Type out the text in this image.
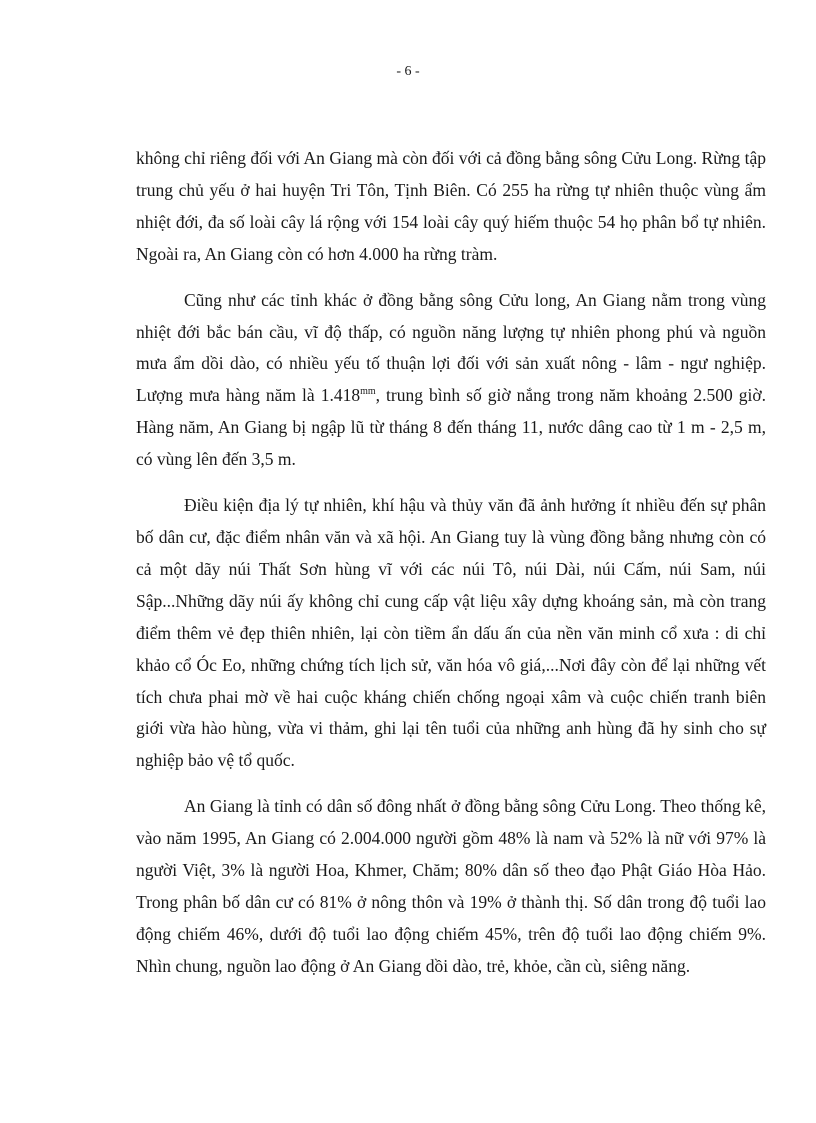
- 6 -

không chỉ riêng đối với An Giang mà còn đối với cả đồng bằng sông Cửu Long. Rừng tập trung chủ yếu ở hai huyện Tri Tôn, Tịnh Biên. Có 255 ha rừng tự nhiên thuộc vùng ẩm nhiệt đới, đa số loài cây lá rộng với 154 loài cây quý hiếm thuộc 54 họ phân bổ tự nhiên. Ngoài ra, An Giang còn có hơn 4.000 ha rừng tràm.

Cũng như các tỉnh khác ở đồng bằng sông Cửu long, An Giang nằm trong vùng nhiệt đới bắc bán cầu, vĩ độ thấp, có nguồn năng lượng tự nhiên phong phú và nguồn mưa ẩm dồi dào, có nhiều yếu tố thuận lợi đối với sản xuất nông - lâm - ngư nghiệp. Lượng mưa hàng năm là $1.418^{mm}$, trung bình số giờ nắng trong năm khoảng 2.500 giờ. Hàng năm, An Giang bị ngập lũ từ tháng 8 đến tháng 11, nước dâng cao từ 1 m - 2,5 m, có vùng lên đến 3,5 m.

Điều kiện địa lý tự nhiên, khí hậu và thủy văn đã ảnh hưởng ít nhiều đến sự phân bố dân cư, đặc điểm nhân văn và xã hội. An Giang tuy là vùng đồng bằng nhưng còn có cả một dãy núi Thất Sơn hùng vĩ với các núi Tô, núi Dài, núi Cấm, núi Sam, núi Sập...Những dãy núi ấy không chỉ cung cấp vật liệu xây dựng khoáng sản, mà còn trang điểm thêm vẻ đẹp thiên nhiên, lại còn tiềm ẩn dấu ấn của nền văn minh cổ xưa : di chỉ khảo cổ Óc Eo, những chứng tích lịch sử, văn hóa vô giá,...Nơi đây còn để lại những vết tích chưa phai mờ về hai cuộc kháng chiến chống ngoại xâm và cuộc chiến tranh biên giới vừa hào hùng, vừa vi thảm, ghi lại tên tuổi của những anh hùng đã hy sinh cho sự nghiệp bảo vệ tổ quốc.

An Giang là tỉnh có dân số đông nhất ở đồng bằng sông Cửu Long. Theo thống kê, vào năm 1995, An Giang có 2.004.000 người gồm 48% là nam và 52% là nữ với 97% là người Việt, 3% là người Hoa, Khmer, Chăm; 80% dân số theo đạo Phật Giáo Hòa Hảo. Trong phân bố dân cư có 81% ở nông thôn và 19% ở thành thị. Số dân trong độ tuổi lao động chiếm 46%, dưới độ tuổi lao động chiếm 45%, trên độ tuổi lao động chiếm 9%. Nhìn chung, nguồn lao động ở An Giang dồi dào, trẻ, khỏe, cần cù, siêng năng.
